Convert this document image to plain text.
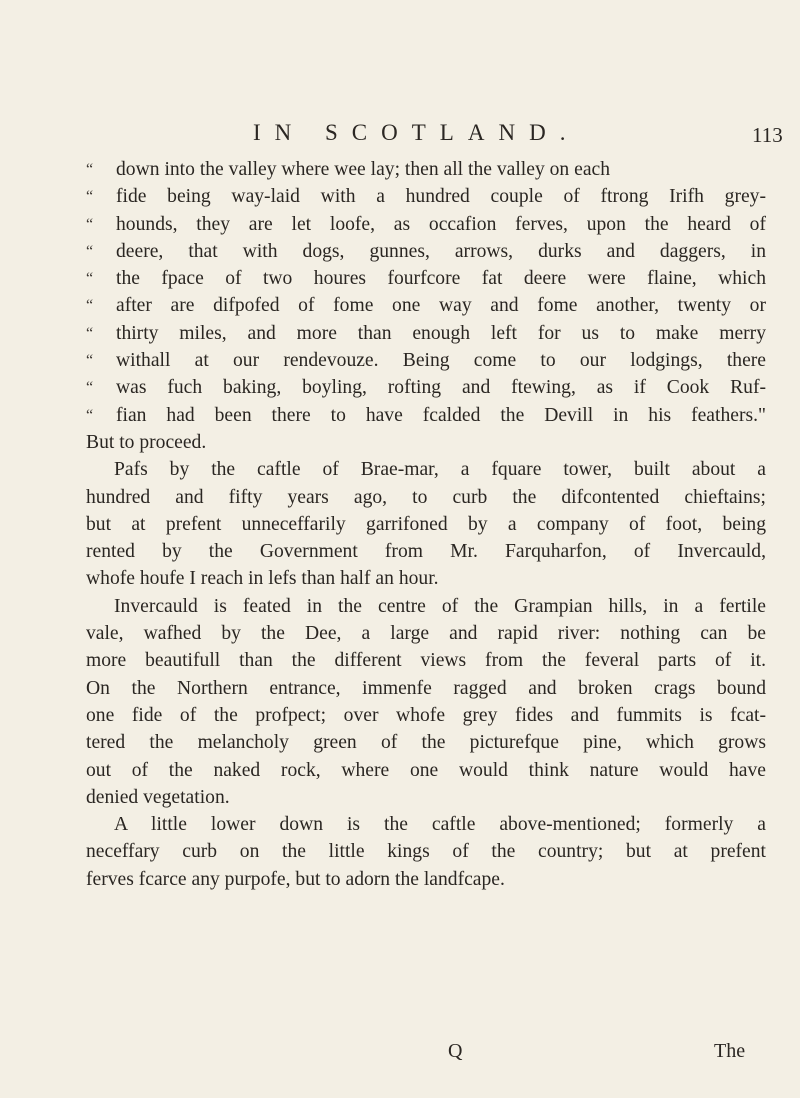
IN SCOTLAND.	113
“ down into the valley where wee lay; then all the valley on each
“ fide being way-laid with a hundred couple of ftrong Irifh grey-
“ hounds, they are let loofe, as occafion ferves, upon the heard of
“ deere, that with dogs, gunnes, arrows, durks and daggers, in
“ the fpace of two houres fourfcore fat deere were flaine, which
“ after are difpofed of fome one way and fome another, twenty or
“ thirty miles, and more than enough left for us to make merry
“ withall at our rendevouze. Being come to our lodgings, there
“ was fuch baking, boyling, rofting and ftewing, as if Cook Ruf-
“ fian had been there to have fcalded the Devill in his feathers."
But to proceed.
Pafs by the caftle of Brae-mar, a fquare tower, built about a
hundred and fifty years ago, to curb the difcontented chieftains;
but at prefent unneceffarily garrifoned by a company of foot, being
rented by the Government from Mr. Farquharfon, of Invercauld,
whofe houfe I reach in lefs than half an hour.
Invercauld is feated in the centre of the Grampian hills, in a fertile
vale, wafhed by the Dee, a large and rapid river: nothing can be
more beautifull than the different views from the feveral parts of it.
On the Northern entrance, immenfe ragged and broken crags bound
one fide of the profpect; over whofe grey fides and fummits is fcat-
tered the melancholy green of the picturefque pine, which grows
out of the naked rock, where one would think nature would have
denied vegetation.
A little lower down is the caftle above-mentioned; formerly a
neceffary curb on the little kings of the country; but at prefent
ferves fcarce any purpofe, but to adorn the landfcape.
Q	The
